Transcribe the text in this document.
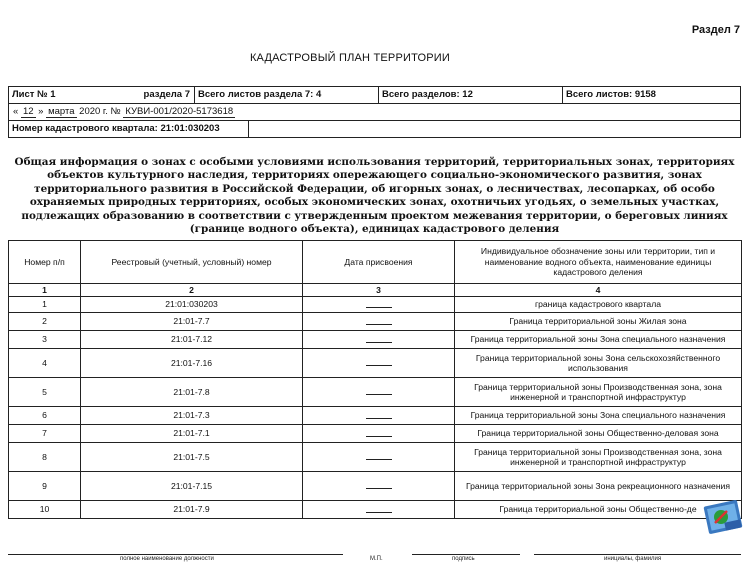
Раздел 7
КАДАСТРОВЫЙ ПЛАН ТЕРРИТОРИИ
Лист № 1	раздела 7 Всего листов раздела 7: 4	Всего разделов: 12	Всего листов: 9158
« 12 » марта 2020 г. № КУВИ-001/2020-5173618
Номер кадастрового квартала: 21:01:030203
Общая информация о зонах с особыми условиями использования территорий, территориальных зонах, территориях объектов культурного наследия, территориях опережающего социально-экономического развития, зонах территориального развития в Российской Федерации, об игорных зонах, о лесничествах, лесопарках, об особо охраняемых природных территориях, особых экономических зонах, охотничьих угодьях, о земельных участках, подлежащих образованию в соответствии с утвержденным проектом межевания территории, о береговых линиях (границе водного объекта), единицах кадастрового деления
Номер п/п	Реестровый (учетный, условный) номер	Дата присвоения	Индивидуальное обозначение зоны или территории, тип и наименование водного объекта, наименование единицы кадастрового деления
1	2	3	4
1	21:01:030203		граница кадастрового квартала
2	21:01-7.7		Граница территориальной зоны Жилая зона
3	21:01-7.12		Граница территориальной зоны Зона специального назначения
4	21:01-7.16		Граница территориальной зоны Зона сельскохозяйственного использования
5	21:01-7.8		Граница территориальной зоны Производственная зона, зона инженерной и транспортной инфраструктур
6	21:01-7.3		Граница территориальной зоны Зона специального назначения
7	21:01-7.1		Граница территориальной зоны Общественно-деловая зона
8	21:01-7.5		Граница территориальной зоны Производственная зона, зона инженерной и транспортной инфраструктур
9	21:01-7.15		Граница территориальной зоны Зона рекреационного назначения
10	21:01-7.9		Граница территориальной зоны Общественно-де
полное наименование должности	М.П.	подпись	инициалы, фамилия
